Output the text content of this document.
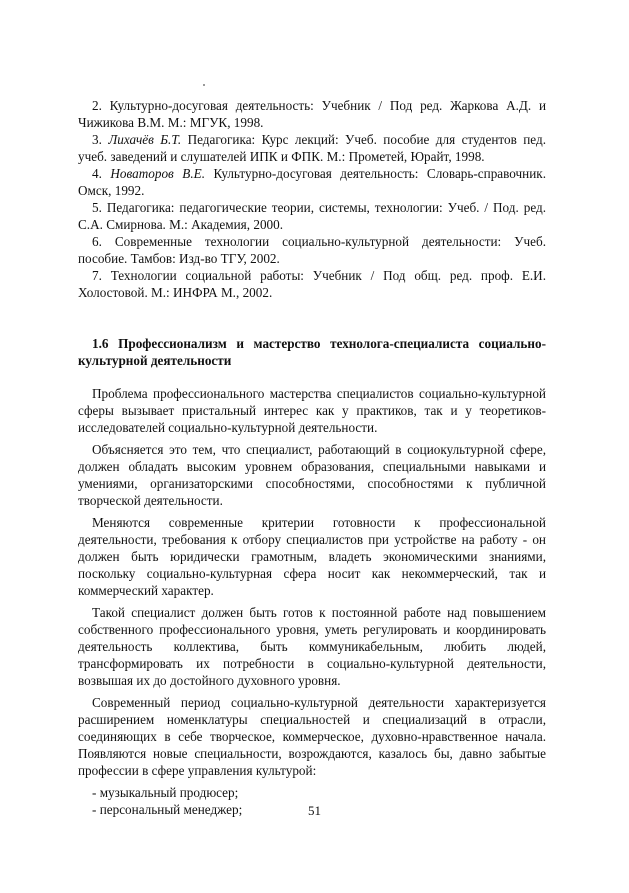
2. Культурно-досуговая деятельность: Учебник / Под ред. Жаркова А.Д. и Чижикова В.М. М.: МГУК, 1998.

3. Лихачёв Б.Т. Педагогика: Курс лекций: Учеб. пособие для студентов пед. учеб. заведений и слушателей ИПК и ФПК. М.: Прометей, Юрайт, 1998.

4. Новаторов В.Е. Культурно-досуговая деятельность: Словарь-справочник. Омск, 1992.

5. Педагогика: педагогические теории, системы, технологии: Учеб. / Под. ред. С.А. Смирнова. М.: Академия, 2000.

6. Современные технологии социально-культурной деятельности: Учеб. пособие. Тамбов: Изд-во ТГУ, 2002.

7. Технологии социальной работы: Учебник / Под общ. ред. проф. Е.И. Холостовой. М.: ИНФРА М., 2002.

1.6 Профессионализм и мастерство технолога-специалиста социально-культурной деятельности

Проблема профессионального мастерства специалистов социально-культурной сферы вызывает пристальный интерес как у практиков, так и у теоретиков-исследователей социально-культурной деятельности.

Объясняется это тем, что специалист, работающий в социокультурной сфере, должен обладать высоким уровнем образования, специальными навыками и умениями, организаторскими способностями, способностями к публичной творческой деятельности.

Меняются современные критерии готовности к профессиональной деятельности, требования к отбору специалистов при устройстве на работу - он должен быть юридически грамотным, владеть экономическими знаниями, поскольку социально-культурная сфера носит как некоммерческий, так и коммерческий характер.

Такой специалист должен быть готов к постоянной работе над повышением собственного профессионального уровня, уметь регулировать и координировать деятельность коллектива, быть коммуникабельным, любить людей, трансформировать их потребности в социально-культурной деятельности, возвышая их до достойного духовного уровня.

Современный период социально-культурной деятельности характеризуется расширением номенклатуры специальностей и специализаций в отрасли, соединяющих в себе творческое, коммерческое, духовно-нравственное начала. Появляются новые специальности, возрождаются, казалось бы, давно забытые профессии в сфере управления культурой:

- музыкальный продюсер;
- персональный менеджер;	51
